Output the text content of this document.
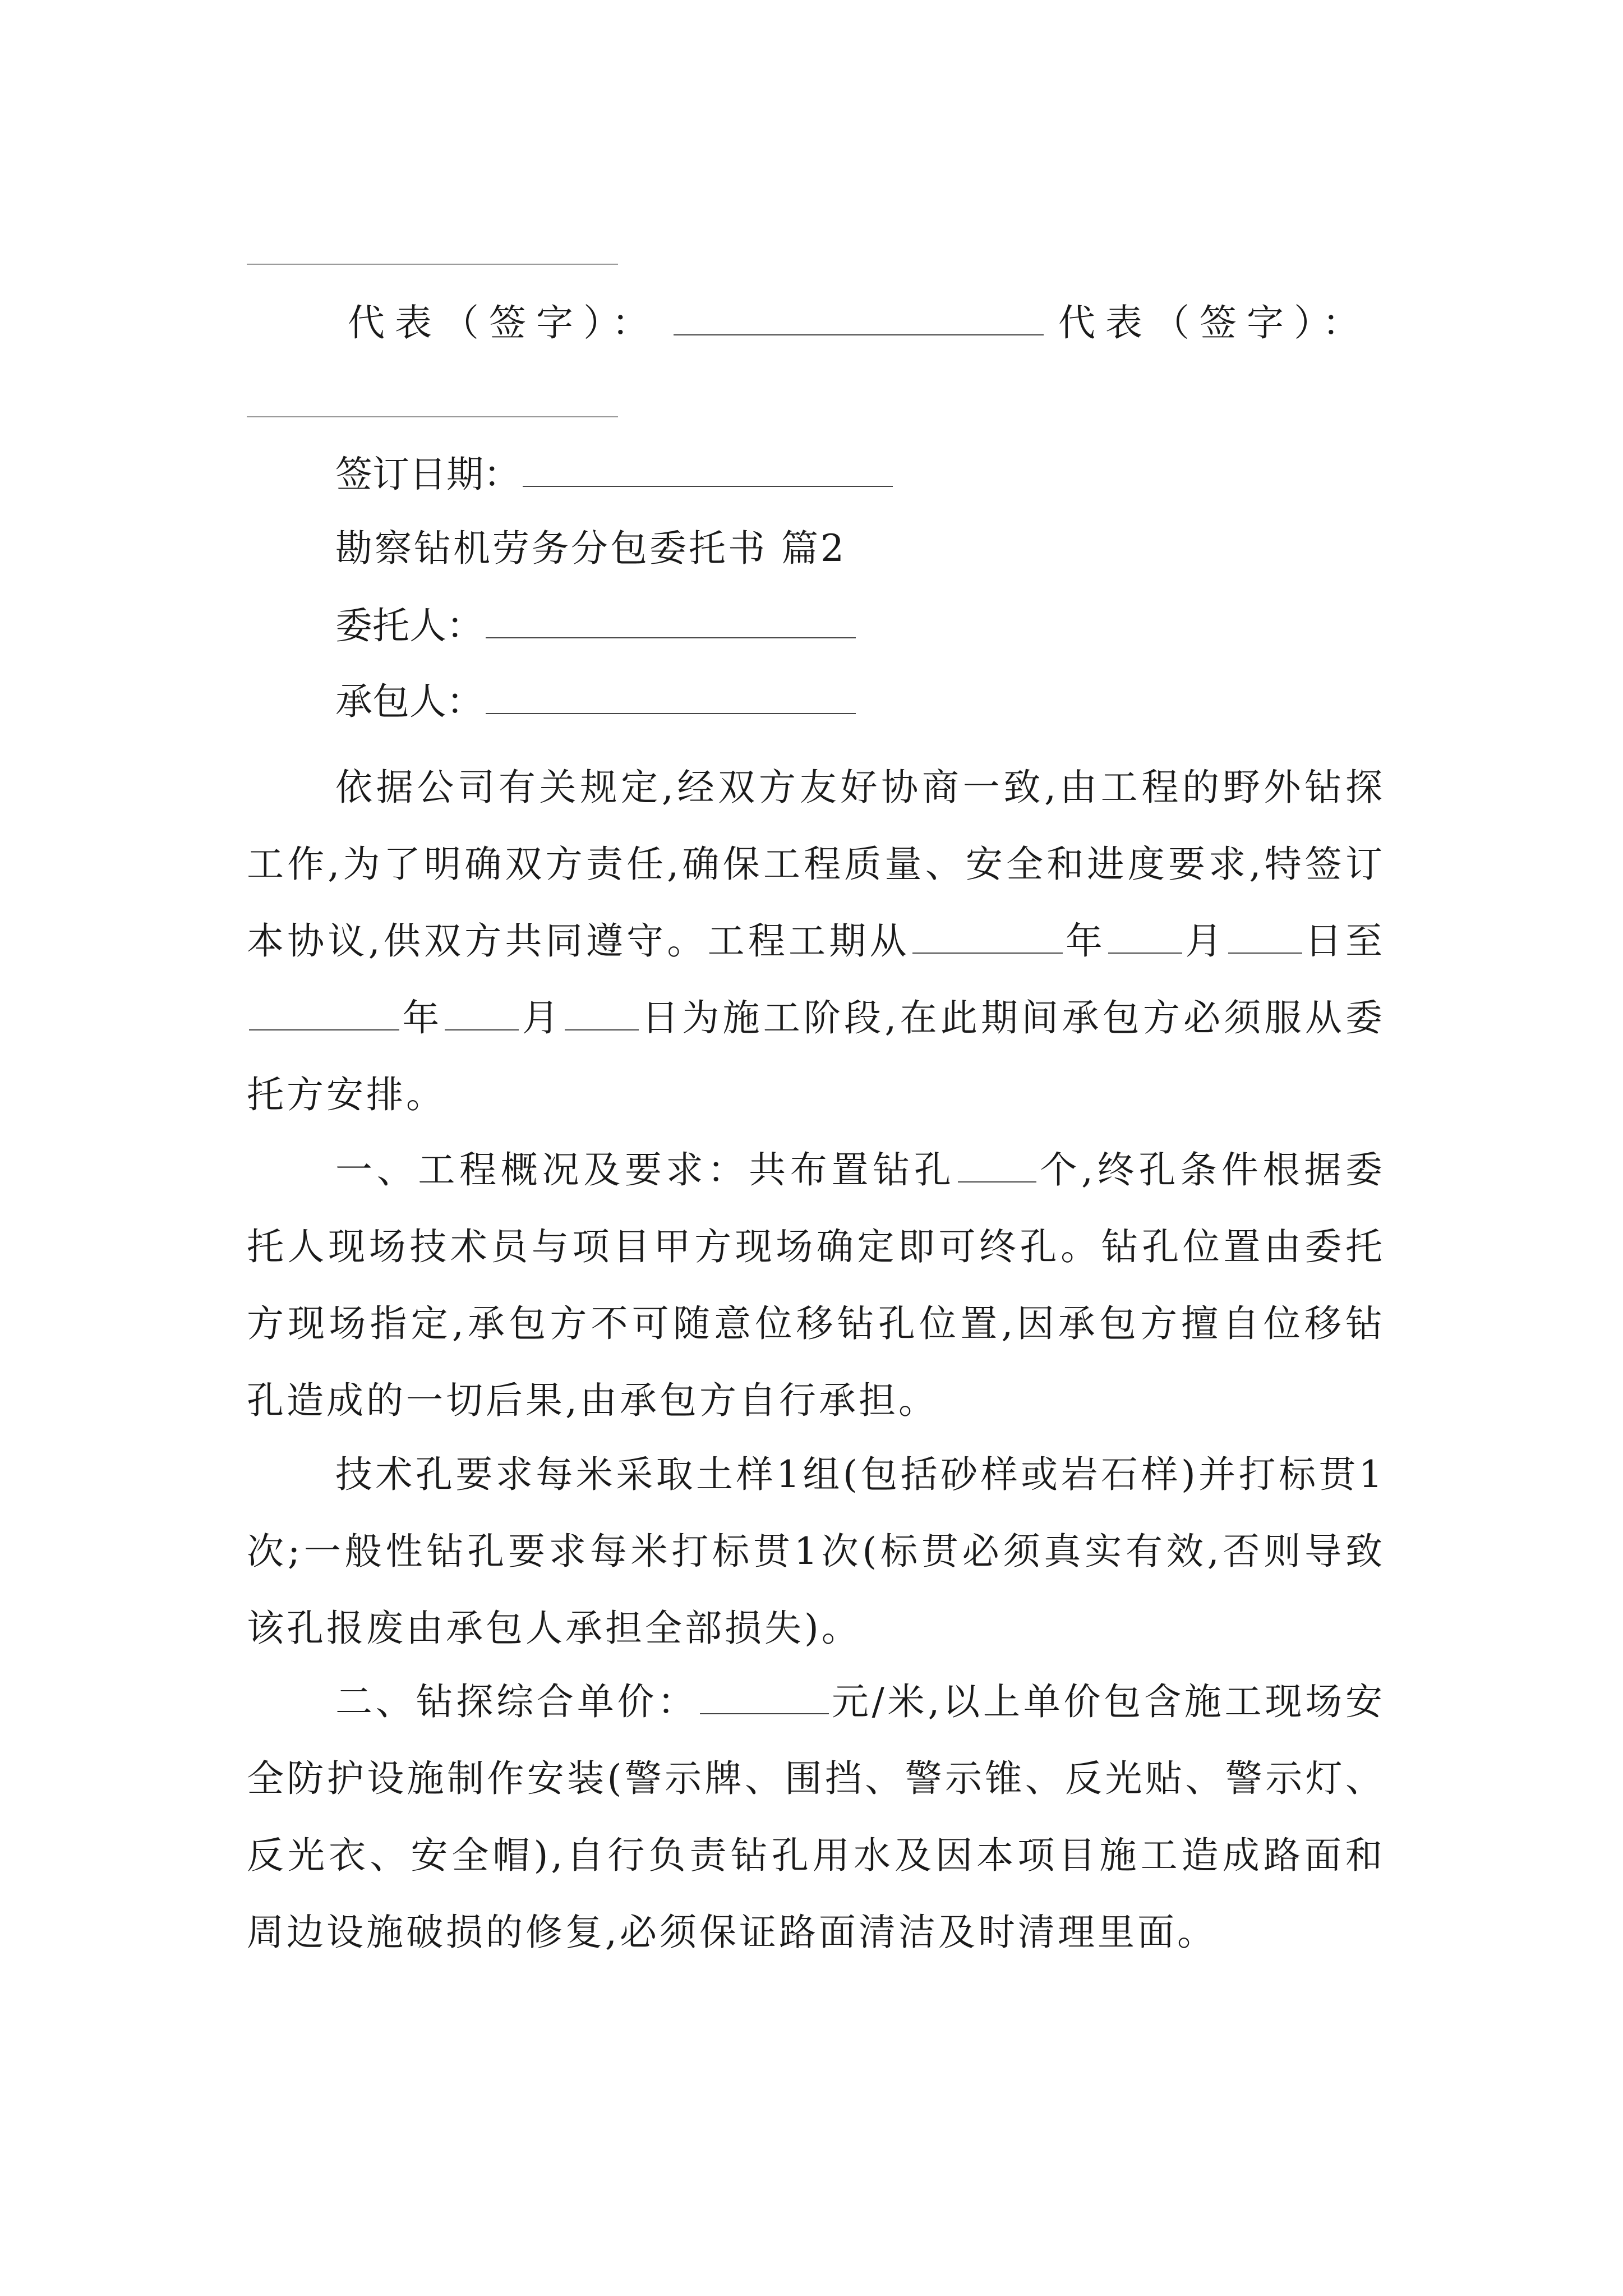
代表（签字）：	代表（签字）：
签订日期：
勘察钻机劳务分包委托书 篇2
委托人：
承包人：

依据公司有关规定,经双方友好协商一致,由工程的野外钻探工作,为了明确双方责任,确保工程质量、安全和进度要求,特签订本协议,供双方共同遵守。工程工期从	年 月 日至年 月 日为施工阶段,在此期间承包方必须服从委托方安排。

一、工程概况及要求：共布置钻孔 个,终孔条件根据委托人现场技术员与项目甲方现场确定即可终孔。钻孔位置由委托方现场指定,承包方不可随意位移钻孔位置,因承包方擅自位移钻孔造成的一切后果,由承包方自行承担。

技术孔要求每米采取土样1组(包括砂样或岩石样)并打标贯1次;一般性钻孔要求每米打标贯1次(标贯必须真实有效,否则导致该孔报废由承包人承担全部损失)。

二、钻探综合单价：	元/米,以上单价包含施工现场安全防护设施制作安装(警示牌、围挡、警示锥、反光贴、警示灯、反光衣、安全帽),自行负责钻孔用水及因本项目施工造成路面和周边设施破损的修复,必须保证路面清洁及时清理里面。
